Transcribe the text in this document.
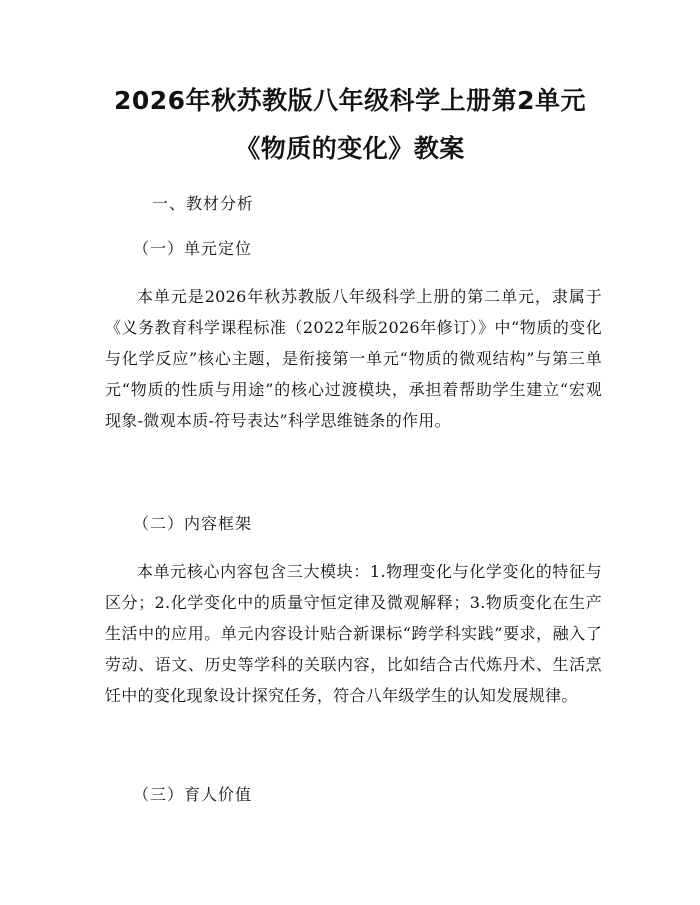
2026年秋苏教版八年级科学上册第2单元
《物质的变化》教案

一、教材分析

（一）单元定位

本单元是2026年秋苏教版八年级科学上册的第二单元，隶属于《义务教育科学课程标准（2022年版2026年修订）》中“物质的变化与化学反应”核心主题，是衔接第一单元“物质的微观结构”与第三单元“物质的性质与用途”的核心过渡模块，承担着帮助学生建立“宏观现象-微观本质-符号表达”科学思维链条的作用。

（二）内容框架

本单元核心内容包含三大模块：1.物理变化与化学变化的特征与区分；2.化学变化中的质量守恒定律及微观解释；3.物质变化在生产生活中的应用。单元内容设计贴合新课标“跨学科实践”要求，融入了劳动、语文、历史等学科的关联内容，比如结合古代炼丹术、生活烹饪中的变化现象设计探究任务，符合八年级学生的认知发展规律。

（三）育人价值
